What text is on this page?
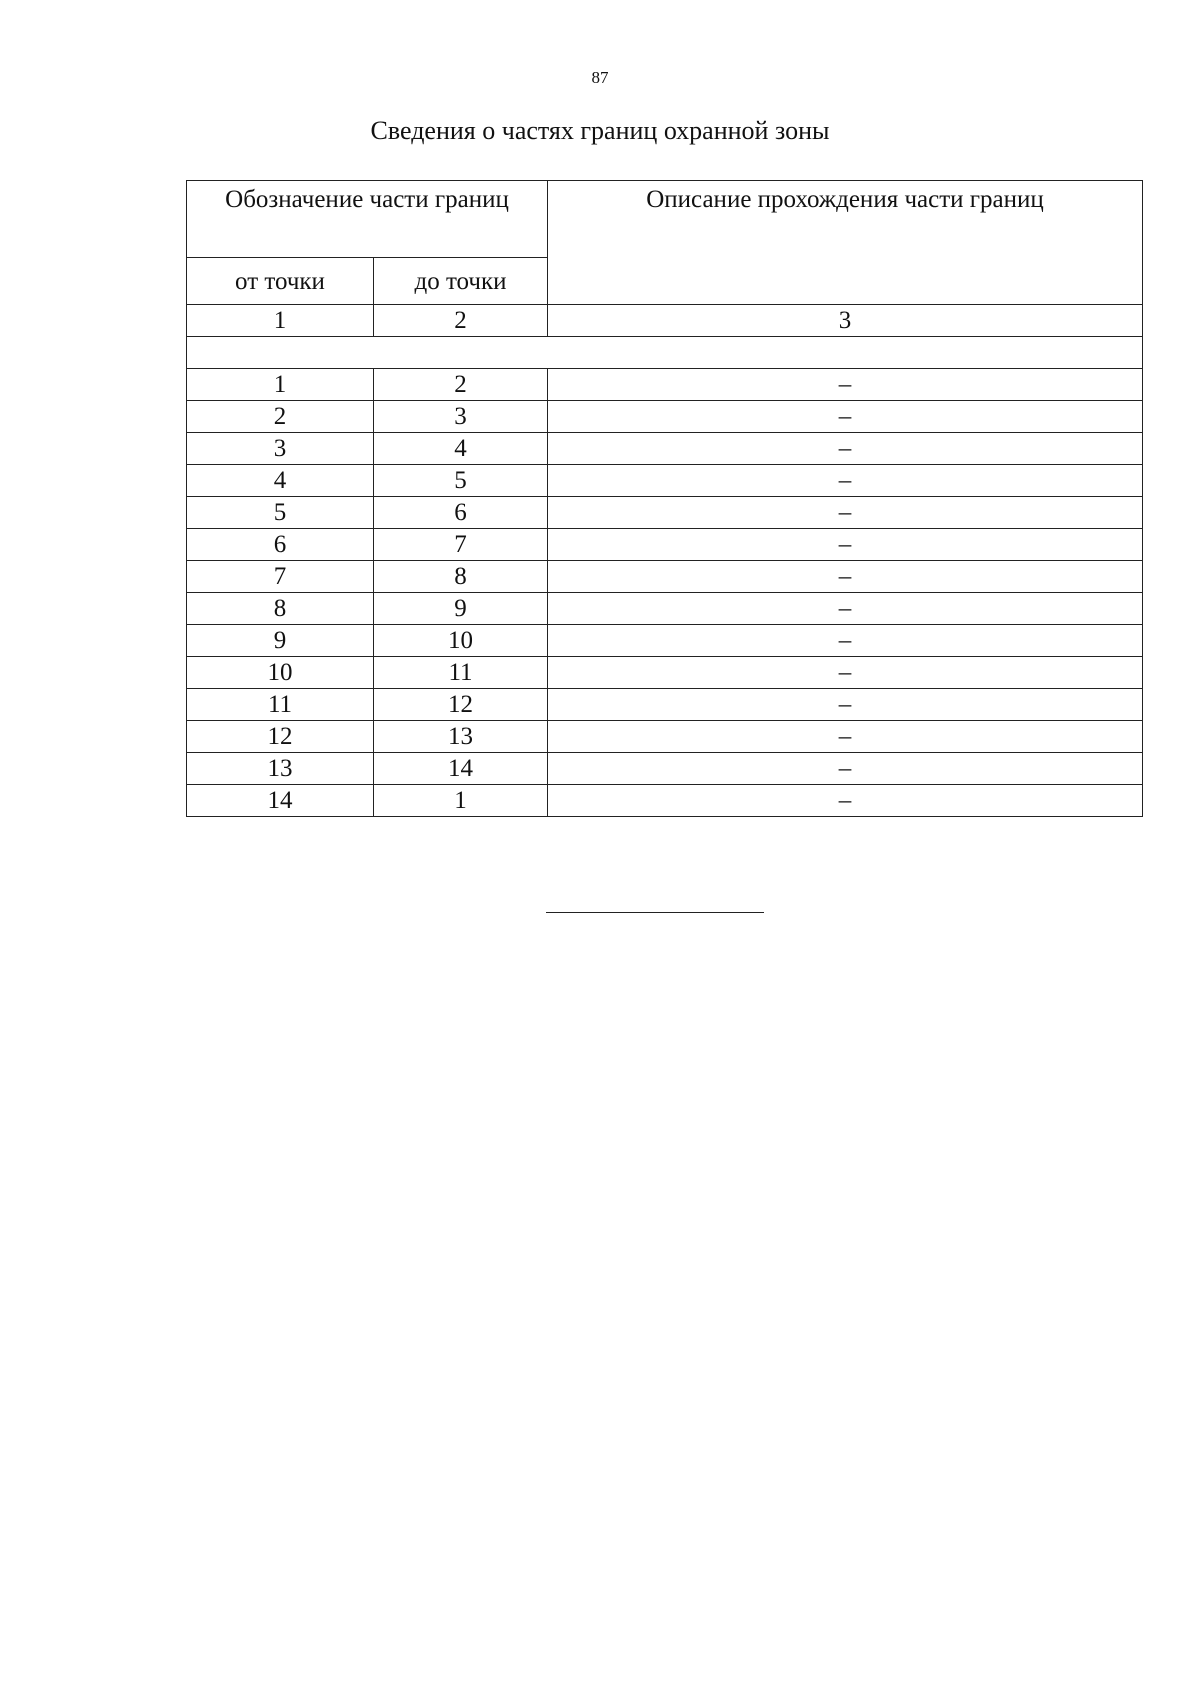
87
Сведения о частях границ охранной зоны
Обозначение части границ		Описание прохождения части границ
от точки	до точки	
1	2	3

1	2	–
2	3	–
3	4	–
4	5	–
5	6	–
6	7	–
7	8	–
8	9	–
9	10	–
10	11	–
11	12	–
12	13	–
13	14	–
14	1	–
